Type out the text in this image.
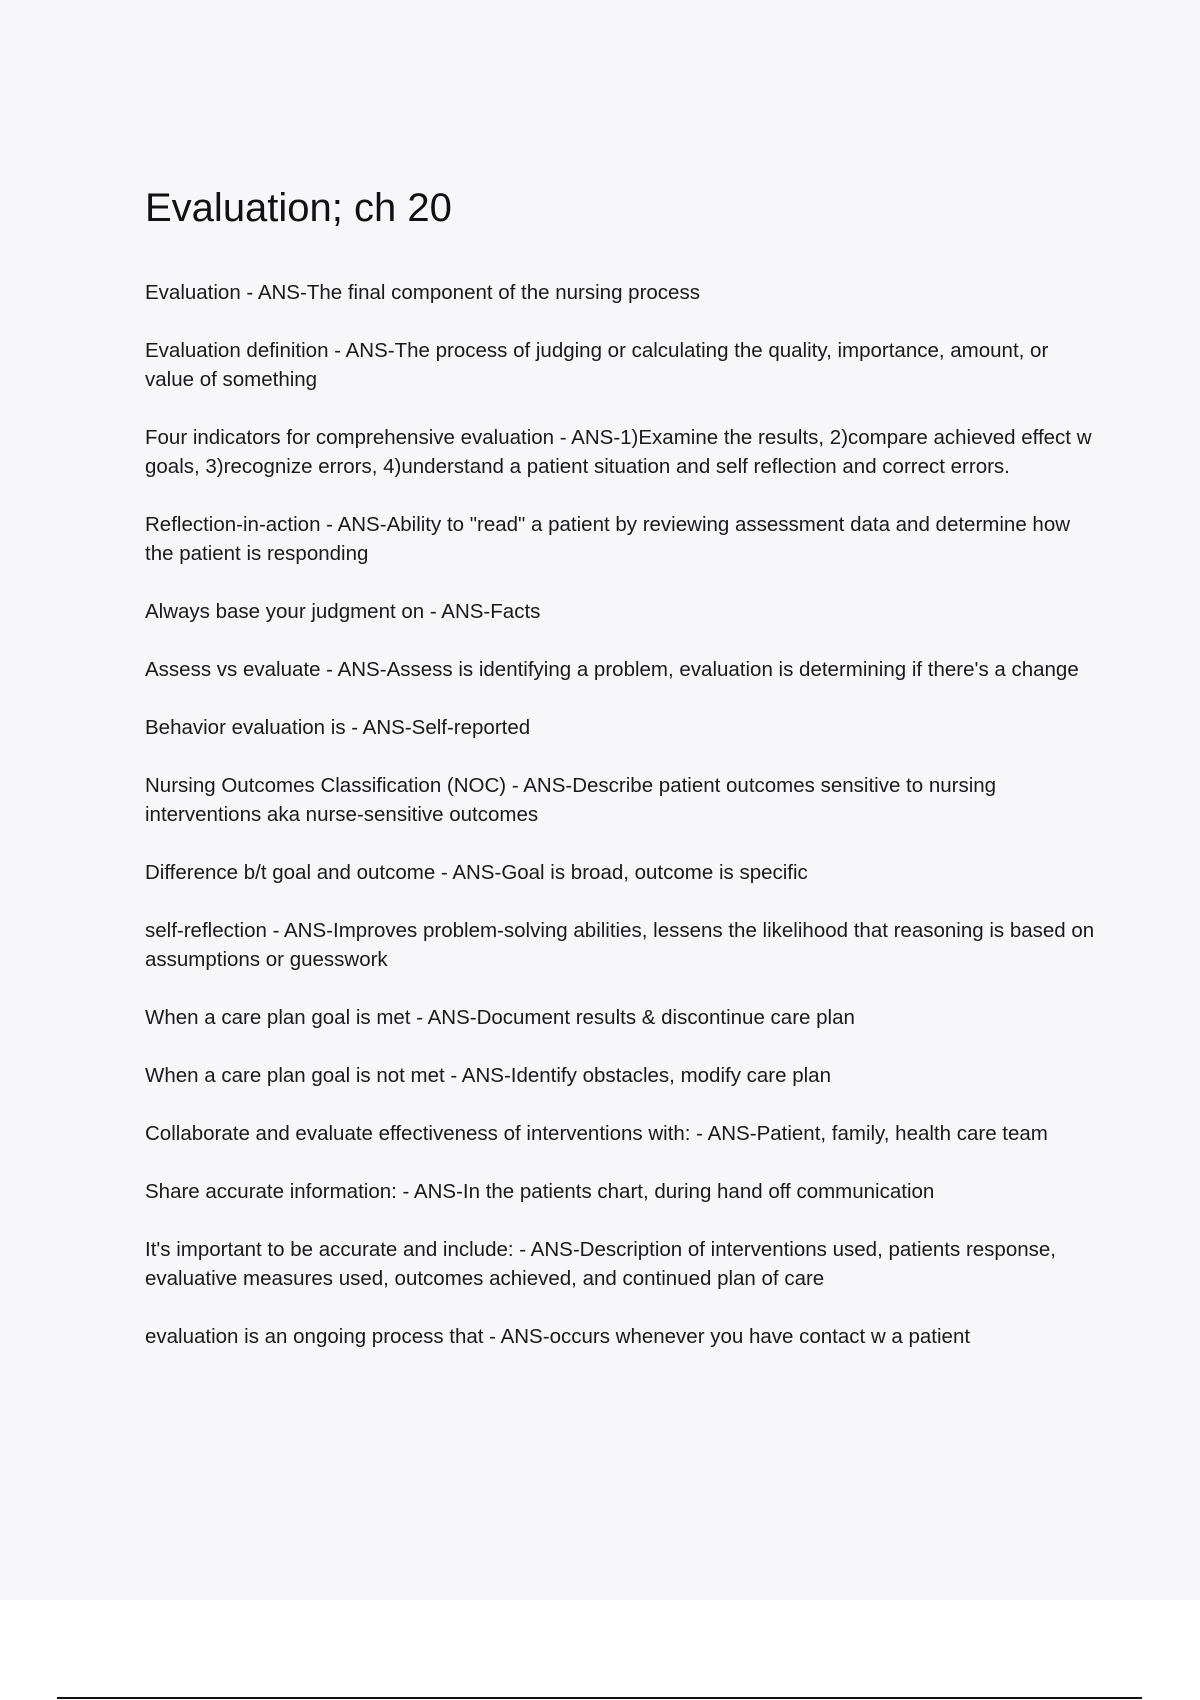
Evaluation; ch 20
Evaluation - ANS-The final component of the nursing process
Evaluation definition - ANS-The process of judging or calculating the quality, importance, amount, or value of something
Four indicators for comprehensive evaluation - ANS-1)Examine the results, 2)compare achieved effect w goals, 3)recognize errors, 4)understand a patient situation and self reflection and correct errors.
Reflection-in-action - ANS-Ability to "read" a patient by reviewing assessment data and determine how the patient is responding
Always base your judgment on - ANS-Facts
Assess vs evaluate - ANS-Assess is identifying a problem, evaluation is determining if there's a change
Behavior evaluation is - ANS-Self-reported
Nursing Outcomes Classification (NOC) - ANS-Describe patient outcomes sensitive to nursing interventions aka nurse-sensitive outcomes
Difference b/t goal and outcome - ANS-Goal is broad, outcome is specific
self-reflection - ANS-Improves problem-solving abilities, lessens the likelihood that reasoning is based on assumptions or guesswork
When a care plan goal is met - ANS-Document results & discontinue care plan
When a care plan goal is not met - ANS-Identify obstacles, modify care plan
Collaborate and evaluate effectiveness of interventions with: - ANS-Patient, family, health care team
Share accurate information: - ANS-In the patients chart, during hand off communication
It's important to be accurate and include: - ANS-Description of interventions used, patients response, evaluative measures used, outcomes achieved, and continued plan of care
evaluation is an ongoing process that - ANS-occurs whenever you have contact w a patient
